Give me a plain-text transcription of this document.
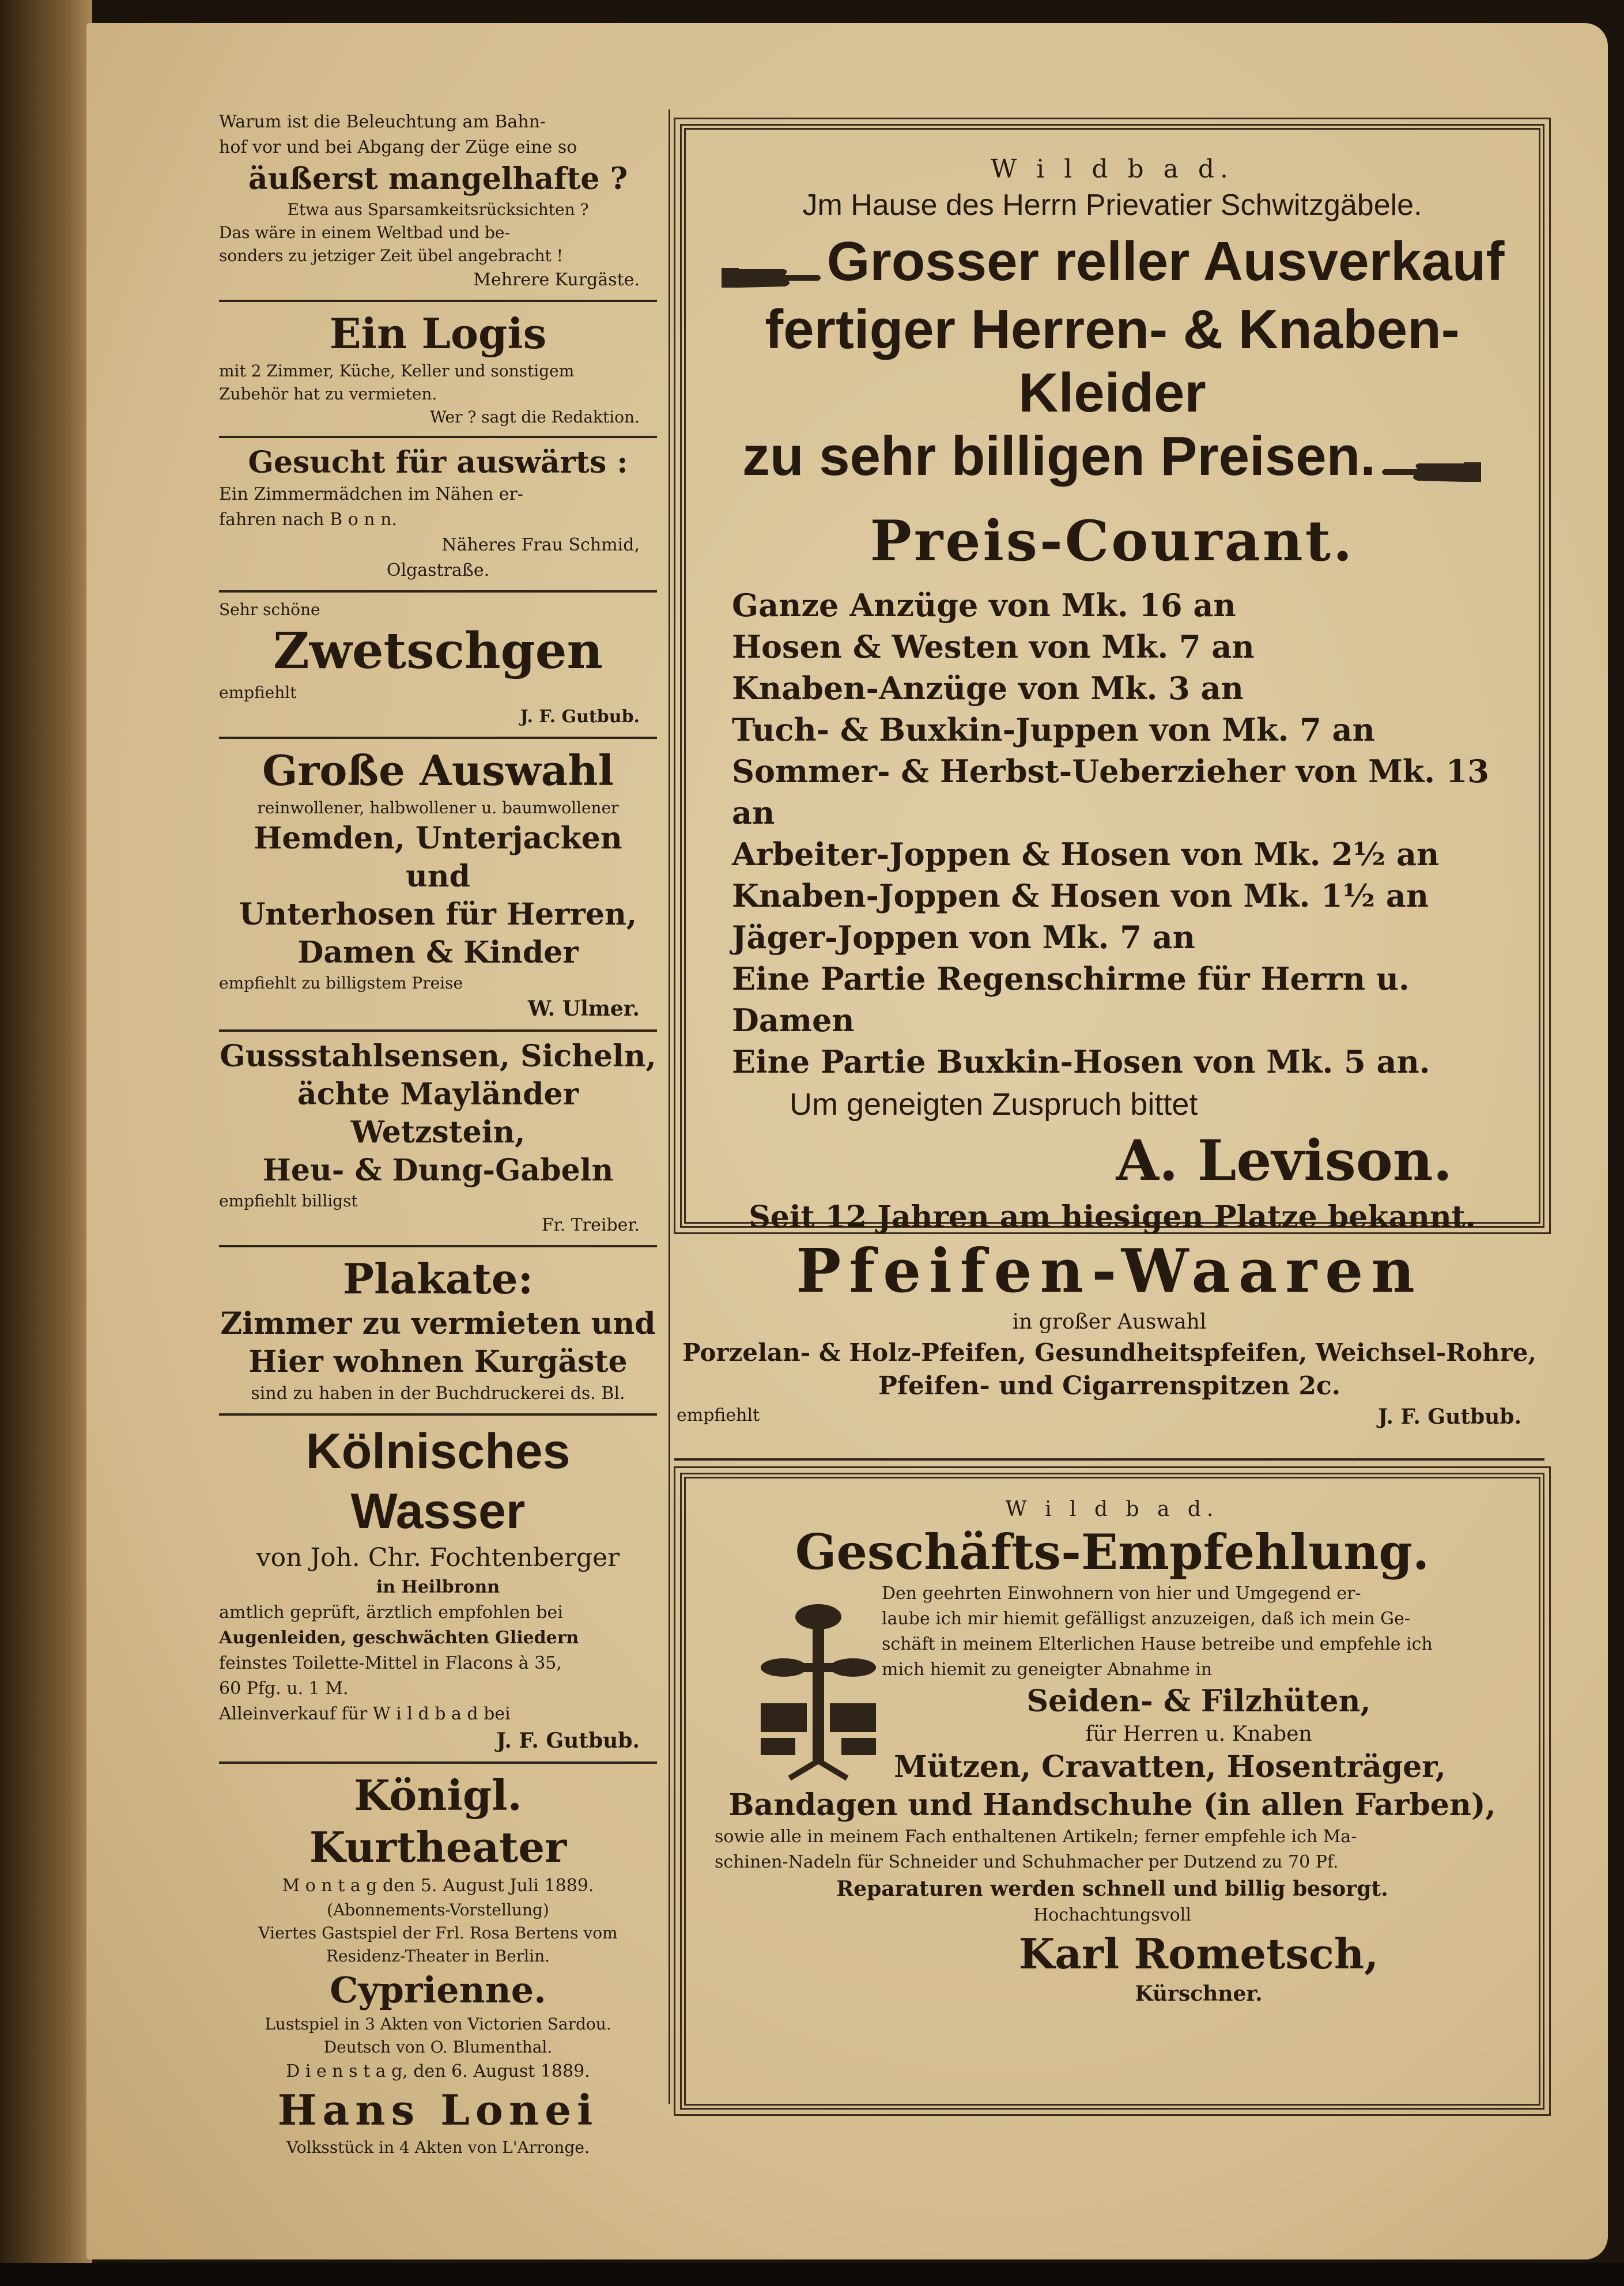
Warum ist die Beleuchtung am Bahn-
hof vor und bei Abgang der Züge eine so
äußerst mangelhafte ?
Etwa aus Sparsamkeitsrücksichten ?
Das wäre in einem Weltbad und be-
sonders zu jetziger Zeit übel angebracht !
Mehrere Kurgäste.
Ein Logis
mit 2 Zimmer, Küche, Keller und sonstigem
Zubehör hat zu vermieten.
Wer ? sagt die Redaktion.
Gesucht für auswärts :
Ein Zimmermädchen im Nähen er-
fahren nach B o n n.
Näheres Frau Schmid,
Olgastraße.
Sehr schöne
Zwetschgen
empfiehlt
J. F. Gutbub.
Große Auswahl
reinwollener, halbwollener u. baumwollener
Hemden, Unterjacken und
Unterhosen für Herren,
Damen & Kinder
empfiehlt zu billigstem Preise
W. Ulmer.
Gussstahlsensen, Sicheln,
ächte Mayländer Wetzstein,
Heu- & Dung-Gabeln
empfiehlt billigst
Fr. Treiber.
Plakate:
Zimmer zu vermieten und
Hier wohnen Kurgäste
sind zu haben in der Buchdruckerei ds. Bl.
Kölnisches Wasser
von Joh. Chr. Fochtenberger
in Heilbronn
amtlich geprüft, ärztlich empfohlen bei
Augenleiden, geschwächten Gliedern
feinstes Toilette-Mittel in Flacons à 35,
60 Pfg. u. 1 M.
Alleinverkauf für W i l d b a d bei
J. F. Gutbub.
Königl. Kurtheater
M o n t a g den 5. August Juli 1889.
(Abonnements-Vorstellung)
Viertes Gastspiel der Frl. Rosa Bertens vom
Residenz-Theater in Berlin.
Cyprienne.
Lustspiel in 3 Akten von Victorien Sardou.
Deutsch von O. Blumenthal.
D i e n s t a g, den 6. August 1889.
Hans Lonei
Volksstück in 4 Akten von L'Arronge.
W i l d b a d.
Jm Hause des Herrn Prievatier Schwitzgäbele.
Grosser reller Ausverkauf
fertiger Herren- & Knaben-Kleider
zu sehr billigen Preisen.
Preis-Courant.
Ganze Anzüge von Mk. 16 an
Hosen & Westen von Mk. 7 an
Knaben-Anzüge von Mk. 3 an
Tuch- & Buxkin-Juppen von Mk. 7 an
Sommer- & Herbst-Ueberzieher von Mk. 13 an
Arbeiter-Joppen & Hosen von Mk. 2½ an
Knaben-Joppen & Hosen von Mk. 1½ an
Jäger-Joppen von Mk. 7 an
Eine Partie Regenschirme für Herrn u. Damen
Eine Partie Buxkin-Hosen von Mk. 5 an.
Um geneigten Zuspruch bittet
A. Levison.
Seit 12 Jahren am hiesigen Platze bekannt.
Pfeifen-Waaren
in großer Auswahl
Porzelan- & Holz-Pfeifen, Gesundheitspfeifen, Weichsel-Rohre,
Pfeifen- und Cigarrenspitzen 2c.
empfiehlt	J. F. Gutbub.
W i l d b a d.
Geschäfts-Empfehlung.
Den geehrten Einwohnern von hier und Umgegend er-
laube ich mir hiemit gefälligst anzuzeigen, daß ich mein Ge-
schäft in meinem Elterlichen Hause betreibe und empfehle ich
mich hiemit zu geneigter Abnahme in
Seiden- & Filzhüten,
für Herren u. Knaben
Mützen, Cravatten, Hosenträger,
Bandagen und Handschuhe (in allen Farben),
sowie alle in meinem Fach enthaltenen Artikeln; ferner empfehle ich Ma-
schinen-Nadeln für Schneider und Schuhmacher per Dutzend zu 70 Pf.
Reparaturen werden schnell und billig besorgt.
Hochachtungsvoll
Karl Rometsch,
Kürschner.
